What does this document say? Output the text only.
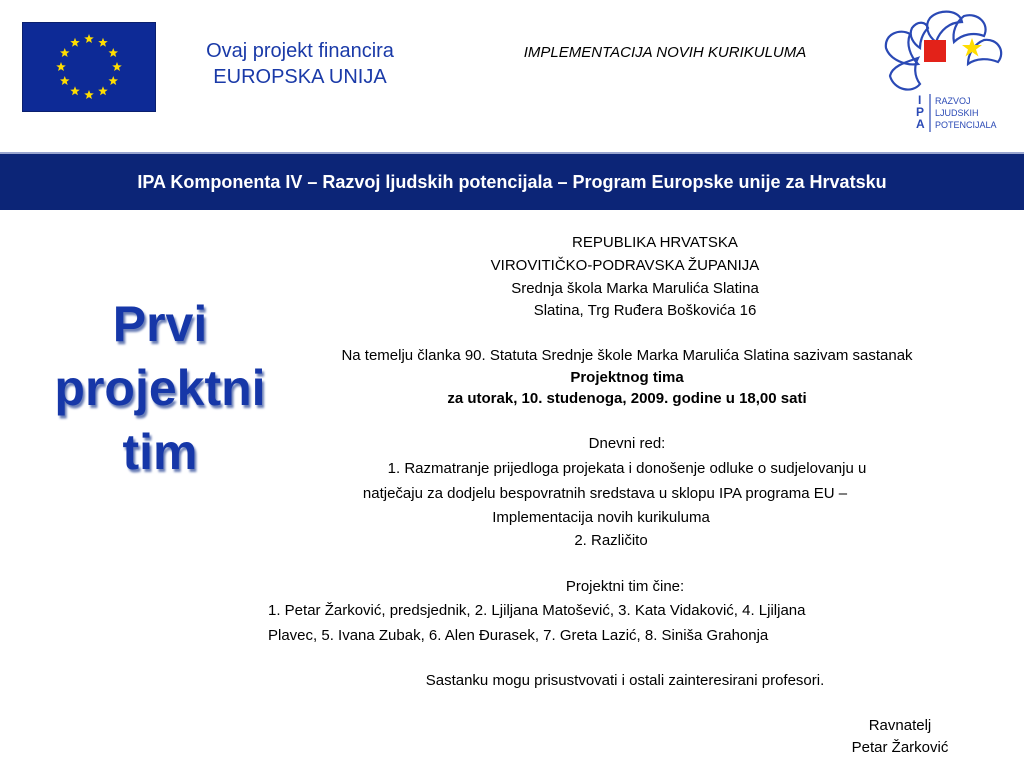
Ovaj projekt financira
EUROPSKA UNIJA
IMPLEMENTACIJA NOVIH KURIKULUMA
I
P
A
RAZVOJ
LJUDSKIH
POTENCIJALA
IPA Komponenta IV – Razvoj ljudskih potencijala – Program Europske unije za Hrvatsku
Prvi
projektni
tim
REPUBLIKA HRVATSKA
VIROVITIČKO-PODRAVSKA ŽUPANIJA
Srednja škola Marka Marulića Slatina
Slatina, Trg Ruđera Boškovića 16
Na temelju članka 90. Statuta Srednje škole Marka Marulića Slatina sazivam sastanak
Projektnog tima
za utorak, 10. studenoga, 2009. godine u 18,00 sati
Dnevni red:
1. Razmatranje prijedloga projekata i donošenje odluke o sudjelovanju u
natječaju za dodjelu bespovratnih sredstava u sklopu IPA programa EU –
Implementacija novih kurikuluma
2. Različito
Projektni tim čine:
1. Petar Žarković, predsjednik, 2. Ljiljana Matošević, 3. Kata Vidaković, 4. Ljiljana
Plavec, 5. Ivana Zubak, 6. Alen Đurasek, 7. Greta Lazić, 8. Siniša Grahonja
Sastanku mogu prisustvovati i ostali zainteresirani profesori.
Ravnatelj
Petar Žarković
